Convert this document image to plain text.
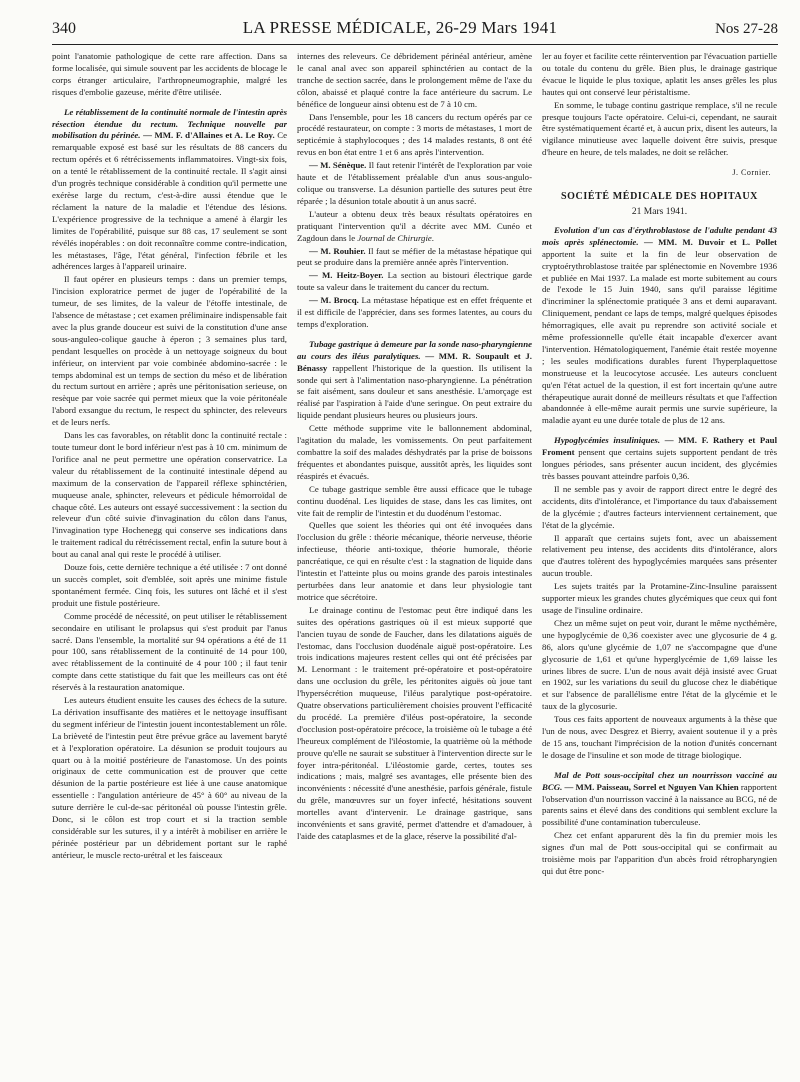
340	LA PRESSE MÉDICALE, 26-29 Mars 1941	Nos 27-28

point l'anatomie pathologique de cette rare affection. Dans sa forme localisée, qui simule souvent par les accidents de blocage le corps étranger articulaire, l'arthropneumographie, malgré les risques d'embolie gazeuse, mérite d'être utilisée.

Le rétablissement de la continuité normale de l'intestin après résection étendue du rectum. Technique nouvelle par mobilisation du périnée. — MM. F. d'Allaines et A. Le Roy. Ce remarquable exposé est basé sur les résultats de 88 cancers du rectum opérés et 6 rétrécissements inflammatoires. Vingt-six fois, on a tenté le rétablissement de la continuité rectale. Il s'agit ainsi d'un progrès technique considérable à condition qu'il permette une exérèse large du rectum, c'est-à-dire aussi étendue que le réclament la nature de la maladie et l'étendue des lésions. L'expérience progressive de la technique a amené à élargir les limites de l'opérabilité, puisque sur 88 cas, 17 seulement se sont révélés inopérables : on doit reconnaître comme contre-indication, les métastases, l'âge, l'état général, l'infection fébrile et les adhérences larges à l'appareil urinaire.

Il faut opérer en plusieurs temps : dans un premier temps, l'incision exploratrice permet de juger de l'opérabilité de la tumeur, de ses limites, de la valeur de l'étoffe intestinale, de l'absence de métastase ; cet examen préliminaire indispensable fait avec la plus grande douceur est suivi de la constitution d'une anse sous-anguleo-colique gauche à éperon ; 3 semaines plus tard, pendant lesquelles on procède à un nettoyage soigneux du bout inférieur, on intervient par voie combinée abdomino-sacrée : le temps abdominal est un temps de section du méso et de libération du rectum surtout en arrière ; après une péritonisation serieuse, on resèque par voie sacrée qui permet mieux que la voie péritonéale l'abord exsangue du rectum, le respect du sphincter, des releveurs et de leurs nerfs.

Dans les cas favorables, on rétablit donc la continuité rectale : toute tumeur dont le bord inférieur n'est pas à 10 cm. minimum de l'orifice anal ne peut permettre une opération conservatrice. La valeur du rétablissement de la continuité intestinale dépend au maximum de la conservation de l'appareil réflexe sphinctérien, muqueuse anale, sphincter, releveurs et pédicule hémorroïdal de chaque côté. Les auteurs ont essayé successivement : la section du releveur d'un côté suivie d'invagination du côlon dans l'anus, l'invagination type Hochenegg qui conserve ses indications dans le traitement radical du rétrécissement rectal, enfin la suture bout à bout au canal anal qui reste le procédé à utiliser.

Douze fois, cette dernière technique a été utilisée : 7 ont donné un succès complet, soit d'emblée, soit après une minime fistule spontanément fermée. Cinq fois, les sutures ont lâché et il s'est produit une fistule postérieure.

Comme procédé de nécessité, on peut utiliser le rétablissement secondaire en utilisant le prolapsus qui s'est produit par l'anus sacré. Dans l'ensemble, la mortalité sur 94 opérations a été de 11 pour 100, sans rétablissement de la continuité de 14 pour 100, avec rétablissement de la continuité de 4 pour 100 ; il faut tenir compte dans cette statistique du fait que les meilleurs cas ont été réservés à la restauration anatomique.

Les auteurs étudient ensuite les causes des échecs de la suture. La dérivation insuffisante des matières et le nettoyage insuffisant du segment inférieur de l'intestin jouent incontestablement un rôle. La brièveté de l'intestin peut être prévue grâce au lavement baryté et à l'exploration opératoire. La désunion se produit toujours au quart ou à la moitié postérieure de l'anastomose. Un des points originaux de cette communication est de prouver que cette désunion de la partie postérieure est liée à une cause anatomique essentielle : l'angulation antérieure de 45° à 60° au niveau de la suture derrière le cul-de-sac péritonéal où pousse l'intestin grêle. Donc, si le côlon est trop court et si la traction semble considérable sur les sutures, il y a intérêt à mobiliser en arrière le périnée postérieur par un débridement portant sur le raphé antérieur, le muscle recto-urétral et les faisceaux

internes des releveurs. Ce débridement périnéal antérieur, amène le canal anal avec son appareil sphinctérien au contact de la tranche de section sacrée, dans le prolongement même de l'axe du côlon, abaissé et plaqué contre la face antérieure du sacrum. Le bénéfice de longueur ainsi obtenu est de 7 à 10 cm.

Dans l'ensemble, pour les 18 cancers du rectum opérés par ce procédé restaurateur, on compte : 3 morts de métastases, 1 mort de septicémie à staphylocoques ; des 14 malades restants, 8 ont été revus en bon état entre 1 et 6 ans après l'intervention.

— M. Sénèque. Il faut retenir l'intérêt de l'exploration par voie haute et de l'établissement préalable d'un anus sous-angulo-colique ou transverse. La désunion partielle des sutures peut être réparée ; la désunion totale aboutit à un anus sacré.

L'auteur a obtenu deux très beaux résultats opératoires en pratiquant l'intervention qu'il a décrite avec MM. Cunéo et Zagdoun dans le Journal de Chirurgie.

— M. Rouhier. Il faut se méfier de la métastase hépatique qui peut se produire dans la première année après l'intervention.

— M. Heitz-Boyer. La section au bistouri électrique garde toute sa valeur dans le traitement du cancer du rectum.

— M. Brocq. La métastase hépatique est en effet fréquente et il est difficile de l'apprécier, dans ses formes latentes, au cours du temps d'exploration.

Tubage gastrique à demeure par la sonde naso-pharyngienne au cours des iléus paralytiques. — MM. R. Soupault et J. Bénassy rappellent l'historique de la question. Ils utilisent la sonde qui sert à l'alimentation naso-pharyngienne. La pénétration se fait aisément, sans douleur et sans anesthésie. L'amorçage est réalisé par l'aspiration à l'aide d'une seringue. On peut extraire du liquide pendant plusieurs heures ou plusieurs jours.

Cette méthode supprime vite le ballonnement abdominal, l'agitation du malade, les vomissements. On peut parfaitement combattre la soif des malades déshydratés par la prise de boissons fréquentes et abondantes puisque, aussitôt après, les liquides sont réaspirés et évacués.

Ce tubage gastrique semble être aussi efficace que le tubage continu duodénal. Les liquides de stase, dans les cas limites, ont vite fait de remplir de l'intestin et du duodénum l'estomac.

Quelles que soient les théories qui ont été invoquées dans l'occlusion du grêle : théorie mécanique, théorie nerveuse, théorie infectieuse, théorie anti-toxique, théorie humorale, théorie pancréatique, ce qui en résulte c'est : la stagnation de liquide dans l'intestin et l'atteinte plus ou moins grande des parois intestinales perturbées dans leur anatomie et dans leur physiologie tant motrice que sécrétoire.

Le drainage continu de l'estomac peut être indiqué dans les suites des opérations gastriques où il est mieux supporté que l'ancien tuyau de sonde de Faucher, dans les dilatations aiguës de l'estomac, dans l'occlusion duodénale aiguë post-opératoire. Les trois indications majeures restent celles qui ont été précisées par M. Lenormant : le traitement pré-opératoire et post-opératoire dans une occlusion du grêle, les péritonites aiguës où joue tant l'hypersécrétion muqueuse, l'iléus paralytique post-opératoire. Quatre observations particulièrement choisies prouvent l'efficacité du procédé. La première d'iléus post-opératoire, la seconde d'occlusion post-opératoire précoce, la troisième où le tubage a été l'heureux complément de l'iléostomie, la quatrième où la méthode prouve qu'elle ne saurait se substituer à l'intervention directe sur le foyer intra-péritonéal. L'iléostomie garde, certes, toutes ses indications ; mais, malgré ses avantages, elle présente bien des inconvénients : nécessité d'une anesthésie, parfois générale, fistule du grêle, manœuvres sur un foyer infecté, hésitations souvent mortelles avant d'intervenir. Le drainage gastrique, sans inconvénients et sans gravité, permet d'attendre et d'amadouer, à l'aide des cataplasmes et de la glace, réserve la possibilité d'al-

ler au foyer et facilite cette réintervention par l'évacuation partielle ou totale du contenu du grêle. Bien plus, le drainage gastrique évacue le liquide le plus toxique, aplatit les anses grêles les plus hautes qui ont conservé leur péristaltisme.

En somme, le tubage continu gastrique remplace, s'il ne recule presque toujours l'acte opératoire. Celui-ci, cependant, ne saurait être systématiquement écarté et, à aucun prix, disent les auteurs, la vigilance minutieuse avec laquelle doivent être suivis, presque d'heure en heure, de tels malades, ne doit se relâcher.

J. Cornier.
SOCIÉTÉ MÉDICALE DES HOPITAUX
21 Mars 1941.

Evolution d'un cas d'érythroblastose de l'adulte pendant 43 mois après splénectomie. — MM. M. Duvoir et L. Pollet apportent la suite et la fin de leur observation de cryptoérythroblastose traitée par splénectomie en Novembre 1936 et publiée en Mai 1937. La malade est morte subitement au cours de l'exode le 15 Juin 1940, sans qu'il paraisse légitime d'incriminer la splénectomie pratiquée 3 ans et demi auparavant. Cliniquement, pendant ce laps de temps, malgré quelques épisodes hémorragiques, elle avait pu reprendre son activité sociale et même professionnelle qu'elle était incapable d'exercer avant l'intervention. Hématologiquement, l'anémie était restée moyenne ; les seules modifications durables furent l'hyperplaquettose monstrueuse et la leucocytose accusée. Les auteurs concluent qu'en l'état actuel de la question, il est fort incertain qu'une autre thérapeutique aurait donné de meilleurs résultats et que l'affection abandonnée à elle-même aurait permis une survie supérieure, la maladie ayant eu une durée totale de plus de 12 ans.

Hypoglycémies insuliniques. — MM. F. Rathery et Paul Froment pensent que certains sujets supportent pendant de très longues périodes, sans présenter aucun incident, des glycémies très basses pouvant atteindre parfois 0,36.

Il ne semble pas y avoir de rapport direct entre le degré des accidents, dits d'intolérance, et l'importance du taux d'abaissement de la glycémie ; d'autres facteurs interviennent certainement, que l'état de la glycémie.

Il apparaît que certains sujets font, avec un abaissement relativement peu intense, des accidents dits d'intolérance, alors que d'autres tolèrent des hypoglycémies marquées sans présenter aucun trouble.

Les sujets traités par la Protamine-Zinc-Insuline paraissent supporter mieux les grandes chutes glycémiques que ceux qui font usage de l'insuline ordinaire.

Chez un même sujet on peut voir, durant le même nycthémère, une hypoglycémie de 0,36 coexister avec une glycosurie de 4 g. 86, alors qu'une glycémie de 1,07 ne s'accompagne que d'une glycosurie de 1,61 et qu'une hyperglycémie de 1,69 laisse les urines libres de sucre. L'un de nous avait déjà insisté avec Gruat en 1902, sur les variations du seuil du glucose chez le diabétique et sur l'absence de parallélisme entre l'état de la glycémie et le taux de la glycosurie.

Tous ces faits apportent de nouveaux arguments à la thèse que l'un de nous, avec Desgrez et Bierry, avaient soutenue il y a près de 15 ans, touchant l'imprécision de la notion d'unités concernant le dosage de l'insuline et son mode de titrage biologique.

Mal de Pott sous-occipital chez un nourrisson vacciné au BCG. — MM. Paisseau, Sorrel et Nguyen Van Khien rapportent l'observation d'un nourrisson vacciné à la naissance au BCG, né de parents sains et élevé dans des conditions qui semblent exclure la possibilité d'une contamination tuberculeuse.

Chez cet enfant apparurent dès la fin du premier mois les signes d'un mal de Pott sous-occipital qui se confirmait au troisième mois par l'apparition d'un abcès froid rétropharyngien qui dut être ponc-
